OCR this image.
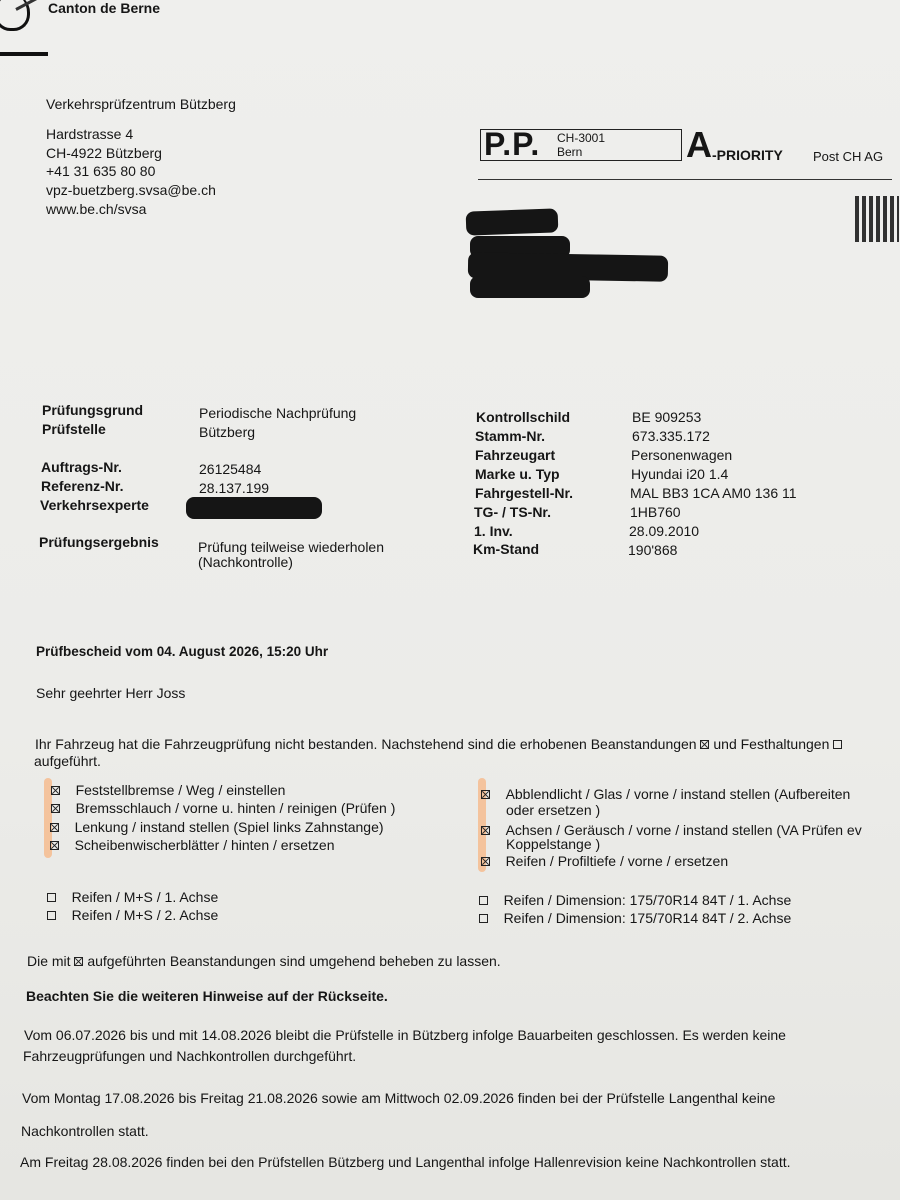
Canton de Berne
Verkehrsprüfzentrum Bützberg
Hardstrasse 4
CH-4922 Bützberg
+41 31 635 80 80
vpz-buetzberg.svsa@be.ch
www.be.ch/svsa
P.P. CH-3001
Bern	A -PRIORITY Post CH AG
Prüfungsgrund	Periodische Nachprüfung
Prüfstelle	Bützberg
Auftrags-Nr.	26125484
Referenz-Nr.	28.137.199
Verkehrsexperte
Prüfungsergebnis	Prüfung teilweise wiederholen
(Nachkontrolle)
Kontrollschild	BE 909253
Stamm-Nr.	673.335.172
Fahrzeugart	Personenwagen
Marke u. Typ	Hyundai i20 1.4
Fahrgestell-Nr.	MAL BB3 1CA AM0 136 11
TG- / TS-Nr.	1HB760
1. Inv.	28.09.2010
Km-Stand	190'868
Prüfbescheid vom 04. August 2026, 15:20 Uhr
Sehr geehrter Herr Joss
Ihr Fahrzeug hat die Fahrzeugprüfung nicht bestanden. Nachstehend sind die erhobenen Beanstandungen und Festhaltungen
aufgeführt.
Feststellbremse / Weg / einstellen
Bremsschlauch / vorne u. hinten / reinigen (Prüfen )
Lenkung / instand stellen (Spiel links Zahnstange)
Scheibenwischerblätter / hinten / ersetzen
Abblendlicht / Glas / vorne / instand stellen (Aufbereiten
oder ersetzen )
Achsen / Geräusch / vorne / instand stellen (VA Prüfen ev
Koppelstange )
Reifen / Profiltiefe / vorne / ersetzen
Reifen / M+S / 1. Achse
Reifen / M+S / 2. Achse
Reifen / Dimension: 175/70R14 84T / 1. Achse
Reifen / Dimension: 175/70R14 84T / 2. Achse
Die mit aufgeführten Beanstandungen sind umgehend beheben zu lassen.
Beachten Sie die weiteren Hinweise auf der Rückseite.
Vom 06.07.2026 bis und mit 14.08.2026 bleibt die Prüfstelle in Bützberg infolge Bauarbeiten geschlossen. Es werden keine
Fahrzeugprüfungen und Nachkontrollen durchgeführt.
Vom Montag 17.08.2026 bis Freitag 21.08.2026 sowie am Mittwoch 02.09.2026 finden bei der Prüfstelle Langenthal keine
Nachkontrollen statt.
Am Freitag 28.08.2026 finden bei den Prüfstellen Bützberg und Langenthal infolge Hallenrevision keine Nachkontrollen statt.
